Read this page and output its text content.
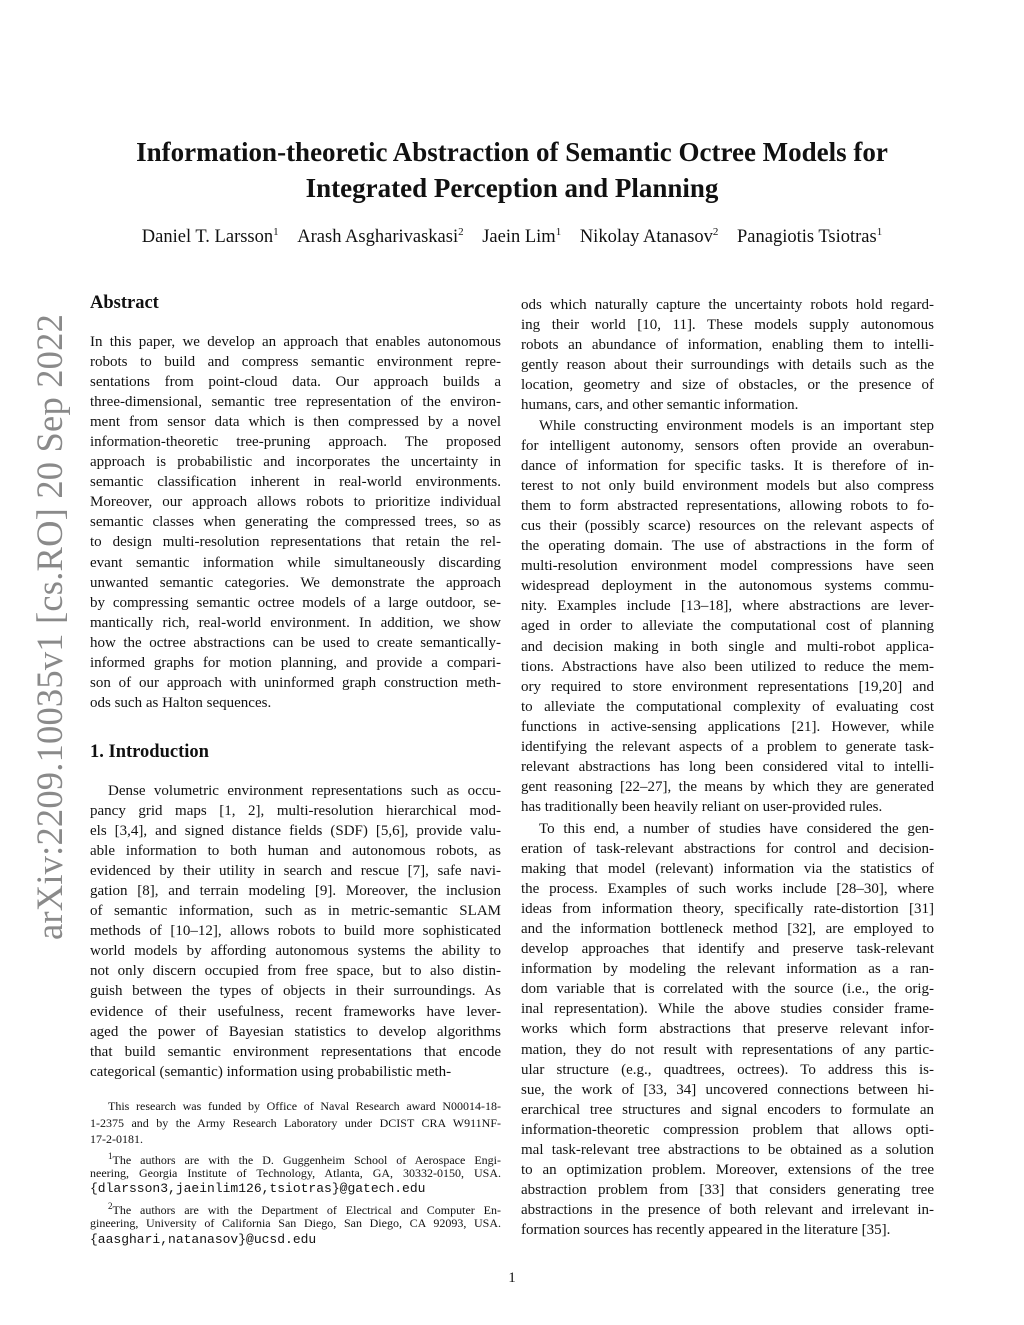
arXiv:2209.10035v1 [cs.RO] 20 Sep 2022
Information-theoretic Abstraction of Semantic Octree Models for
Integrated Perception and Planning
Daniel T. Larsson$^1$ Arash Asgharivaskasi$^2$ Jaein Lim$^1$ Nikolay Atanasov$^2$ Panagiotis Tsiotras$^1$
Abstract
In this paper, we develop an approach that enables autonomous
robots to build and compress semantic environment repre-
sentations from point-cloud data. Our approach builds a
three-dimensional, semantic tree representation of the environ-
ment from sensor data which is then compressed by a novel
information-theoretic tree-pruning approach. The proposed
approach is probabilistic and incorporates the uncertainty in
semantic classification inherent in real-world environments.
Moreover, our approach allows robots to prioritize individual
semantic classes when generating the compressed trees, so as
to design multi-resolution representations that retain the rel-
evant semantic information while simultaneously discarding
unwanted semantic categories. We demonstrate the approach
by compressing semantic octree models of a large outdoor, se-
mantically rich, real-world environment. In addition, we show
how the octree abstractions can be used to create semantically-
informed graphs for motion planning, and provide a compari-
son of our approach with uninformed graph construction meth-
ods such as Halton sequences.
1. Introduction
Dense volumetric environment representations such as occu-
pancy grid maps [1, 2], multi-resolution hierarchical mod-
els [3,4], and signed distance fields (SDF) [5,6], provide valu-
able information to both human and autonomous robots, as
evidenced by their utility in search and rescue [7], safe navi-
gation [8], and terrain modeling [9]. Moreover, the inclusion
of semantic information, such as in metric-semantic SLAM
methods of [10–12], allows robots to build more sophisticated
world models by affording autonomous systems the ability to
not only discern occupied from free space, but to also distin-
guish between the types of objects in their surroundings. As
evidence of their usefulness, recent frameworks have lever-
aged the power of Bayesian statistics to develop algorithms
that build semantic environment representations that encode
categorical (semantic) information using probabilistic meth-
This research was funded by Office of Naval Research award N00014-18-
1-2375 and by the Army Research Laboratory under DCIST CRA W911NF-
17-2-0181.
$^1$The authors are with the D. Guggenheim School of Aerospace Engi-
neering, Georgia Institute of Technology, Atlanta, GA, 30332-0150, USA.
{dlarsson3,jaeinlim126,tsiotras}@gatech.edu
$^2$The authors are with the Department of Electrical and Computer En-
gineering, University of California San Diego, San Diego, CA 92093, USA.
{aasghari,natanasov}@ucsd.edu
ods which naturally capture the uncertainty robots hold regard-
ing their world [10, 11]. These models supply autonomous
robots an abundance of information, enabling them to intelli-
gently reason about their surroundings with details such as the
location, geometry and size of obstacles, or the presence of
humans, cars, and other semantic information.
While constructing environment models is an important step
for intelligent autonomy, sensors often provide an overabun-
dance of information for specific tasks. It is therefore of in-
terest to not only build environment models but also compress
them to form abstracted representations, allowing robots to fo-
cus their (possibly scarce) resources on the relevant aspects of
the operating domain. The use of abstractions in the form of
multi-resolution environment model compressions have seen
widespread deployment in the autonomous systems commu-
nity. Examples include [13–18], where abstractions are lever-
aged in order to alleviate the computational cost of planning
and decision making in both single and multi-robot applica-
tions. Abstractions have also been utilized to reduce the mem-
ory required to store environment representations [19,20] and
to alleviate the computational complexity of evaluating cost
functions in active-sensing applications [21]. However, while
identifying the relevant aspects of a problem to generate task-
relevant abstractions has long been considered vital to intelli-
gent reasoning [22–27], the means by which they are generated
has traditionally been heavily reliant on user-provided rules.
To this end, a number of studies have considered the gen-
eration of task-relevant abstractions for control and decision-
making that model (relevant) information via the statistics of
the process. Examples of such works include [28–30], where
ideas from information theory, specifically rate-distortion [31]
and the information bottleneck method [32], are employed to
develop approaches that identify and preserve task-relevant
information by modeling the relevant information as a ran-
dom variable that is correlated with the source (i.e., the orig-
inal representation). While the above studies consider frame-
works which form abstractions that preserve relevant infor-
mation, they do not result with representations of any partic-
ular structure (e.g., quadtrees, octrees). To address this is-
sue, the work of [33, 34] uncovered connections between hi-
erarchical tree structures and signal encoders to formulate an
information-theoretic compression problem that allows opti-
mal task-relevant tree abstractions to be obtained as a solution
to an optimization problem. Moreover, extensions of the tree
abstraction problem from [33] that considers generating tree
abstractions in the presence of both relevant and irrelevant in-
formation sources has recently appeared in the literature [35].
1
